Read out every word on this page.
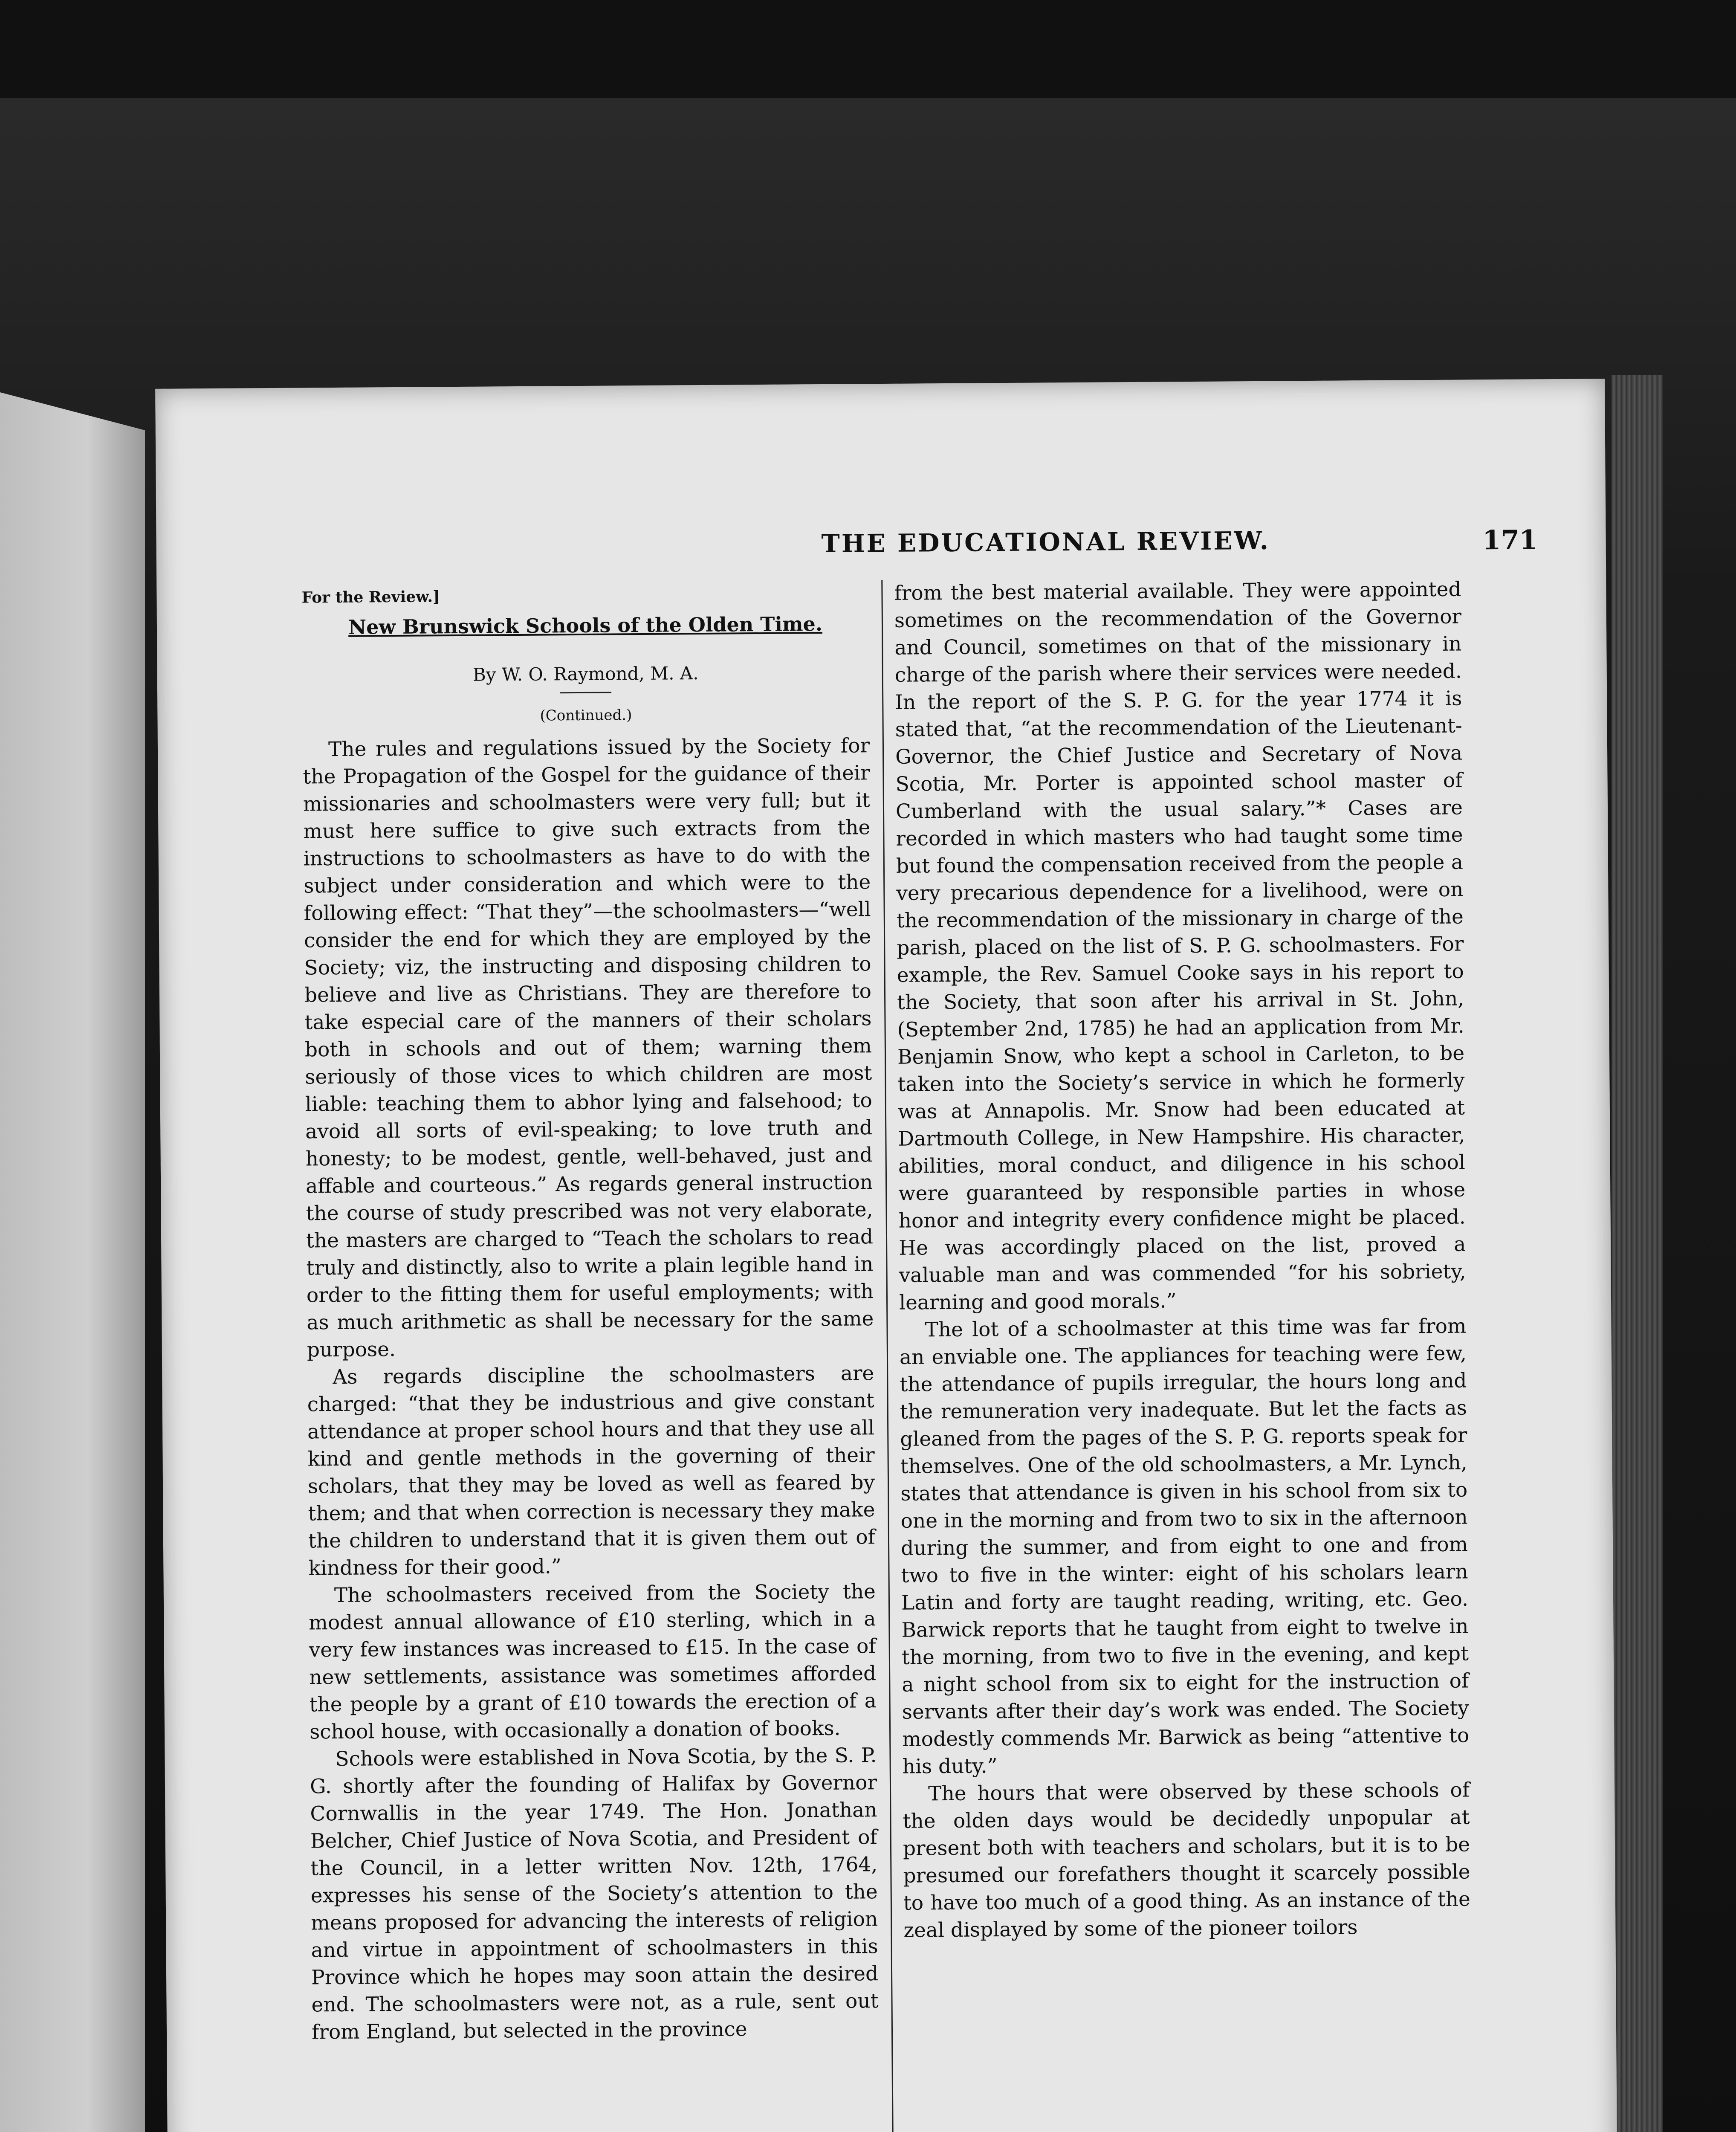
THE EDUCATIONAL REVIEW.	171
For the Review.]
New Brunswick Schools of the Olden Time.
By W. O. Raymond, M. A.
(Continued.)

The rules and regulations issued by the Society for the Propagation of the Gospel for the guidance of their missionaries and schoolmasters were very full; but it must here suffice to give such extracts from the instructions to schoolmasters as have to do with the subject under consideration and which were to the following effect: “That they”—the schoolmasters—“well consider the end for which they are employed by the Society; viz, the instructing and disposing children to believe and live as Christians. They are therefore to take especial care of the manners of their scholars both in schools and out of them; warning them seriously of those vices to which children are most liable: teaching them to abhor lying and falsehood; to avoid all sorts of evil-speaking; to love truth and honesty; to be modest, gentle, well-behaved, just and affable and courteous.” As regards general instruction the course of study prescribed was not very elaborate, the masters are charged to “Teach the scholars to read truly and distinctly, also to write a plain legible hand in order to the fitting them for useful employments; with as much arithmetic as shall be necessary for the same purpose.

As regards discipline the schoolmasters are charged: “that they be industrious and give constant attendance at proper school hours and that they use all kind and gentle methods in the governing of their scholars, that they may be loved as well as feared by them; and that when correction is necessary they make the children to understand that it is given them out of kindness for their good.”

The schoolmasters received from the Society the modest annual allowance of £10 sterling, which in a very few instances was increased to £15. In the case of new settlements, assistance was sometimes afforded the people by a grant of £10 towards the erection of a school house, with occasionally a donation of books.

Schools were established in Nova Scotia, by the S. P. G. shortly after the founding of Halifax by Governor Cornwallis in the year 1749. The Hon. Jonathan Belcher, Chief Justice of Nova Scotia, and President of the Council, in a letter written Nov. 12th, 1764, expresses his sense of the Society’s attention to the means proposed for advancing the interests of religion and virtue in appointment of schoolmasters in this Province which he hopes may soon attain the desired end. The schoolmasters were not, as a rule, sent out from England, but selected in the province

from the best material available. They were appointed sometimes on the recommendation of the Governor and Council, sometimes on that of the missionary in charge of the parish where their services were needed. In the report of the S. P. G. for the year 1774 it is stated that, “at the recommendation of the Lieutenant-Governor, the Chief Justice and Secretary of Nova Scotia, Mr. Porter is appointed school master of Cumberland with the usual salary.”* Cases are recorded in which masters who had taught some time but found the compensation received from the people a very precarious dependence for a livelihood, were on the recommendation of the missionary in charge of the parish, placed on the list of S. P. G. schoolmasters. For example, the Rev. Samuel Cooke says in his report to the Society, that soon after his arrival in St. John, (September 2nd, 1785) he had an application from Mr. Benjamin Snow, who kept a school in Carleton, to be taken into the Society’s service in which he formerly was at Annapolis. Mr. Snow had been educated at Dartmouth College, in New Hampshire. His character, abilities, moral conduct, and diligence in his school were guaranteed by responsible parties in whose honor and integrity every confidence might be placed. He was accordingly placed on the list, proved a valuable man and was commended “for his sobriety, learning and good morals.”

The lot of a schoolmaster at this time was far from an enviable one. The appliances for teaching were few, the attendance of pupils irregular, the hours long and the remuneration very inadequate. But let the facts as gleaned from the pages of the S. P. G. reports speak for themselves. One of the old schoolmasters, a Mr. Lynch, states that attendance is given in his school from six to one in the morning and from two to six in the afternoon during the summer, and from eight to one and from two to five in the winter: eight of his scholars learn Latin and forty are taught reading, writing, etc. Geo. Barwick reports that he taught from eight to twelve in the morning, from two to five in the evening, and kept a night school from six to eight for the instruction of servants after their day’s work was ended. The Society modestly commends Mr. Barwick as being “attentive to his duty.”

The hours that were observed by these schools of the olden days would be decidedly unpopular at present both with teachers and scholars, but it is to be presumed our forefathers thought it scarcely possible to have too much of a good thing. As an instance of the zeal displayed by some of the pioneer toilors
